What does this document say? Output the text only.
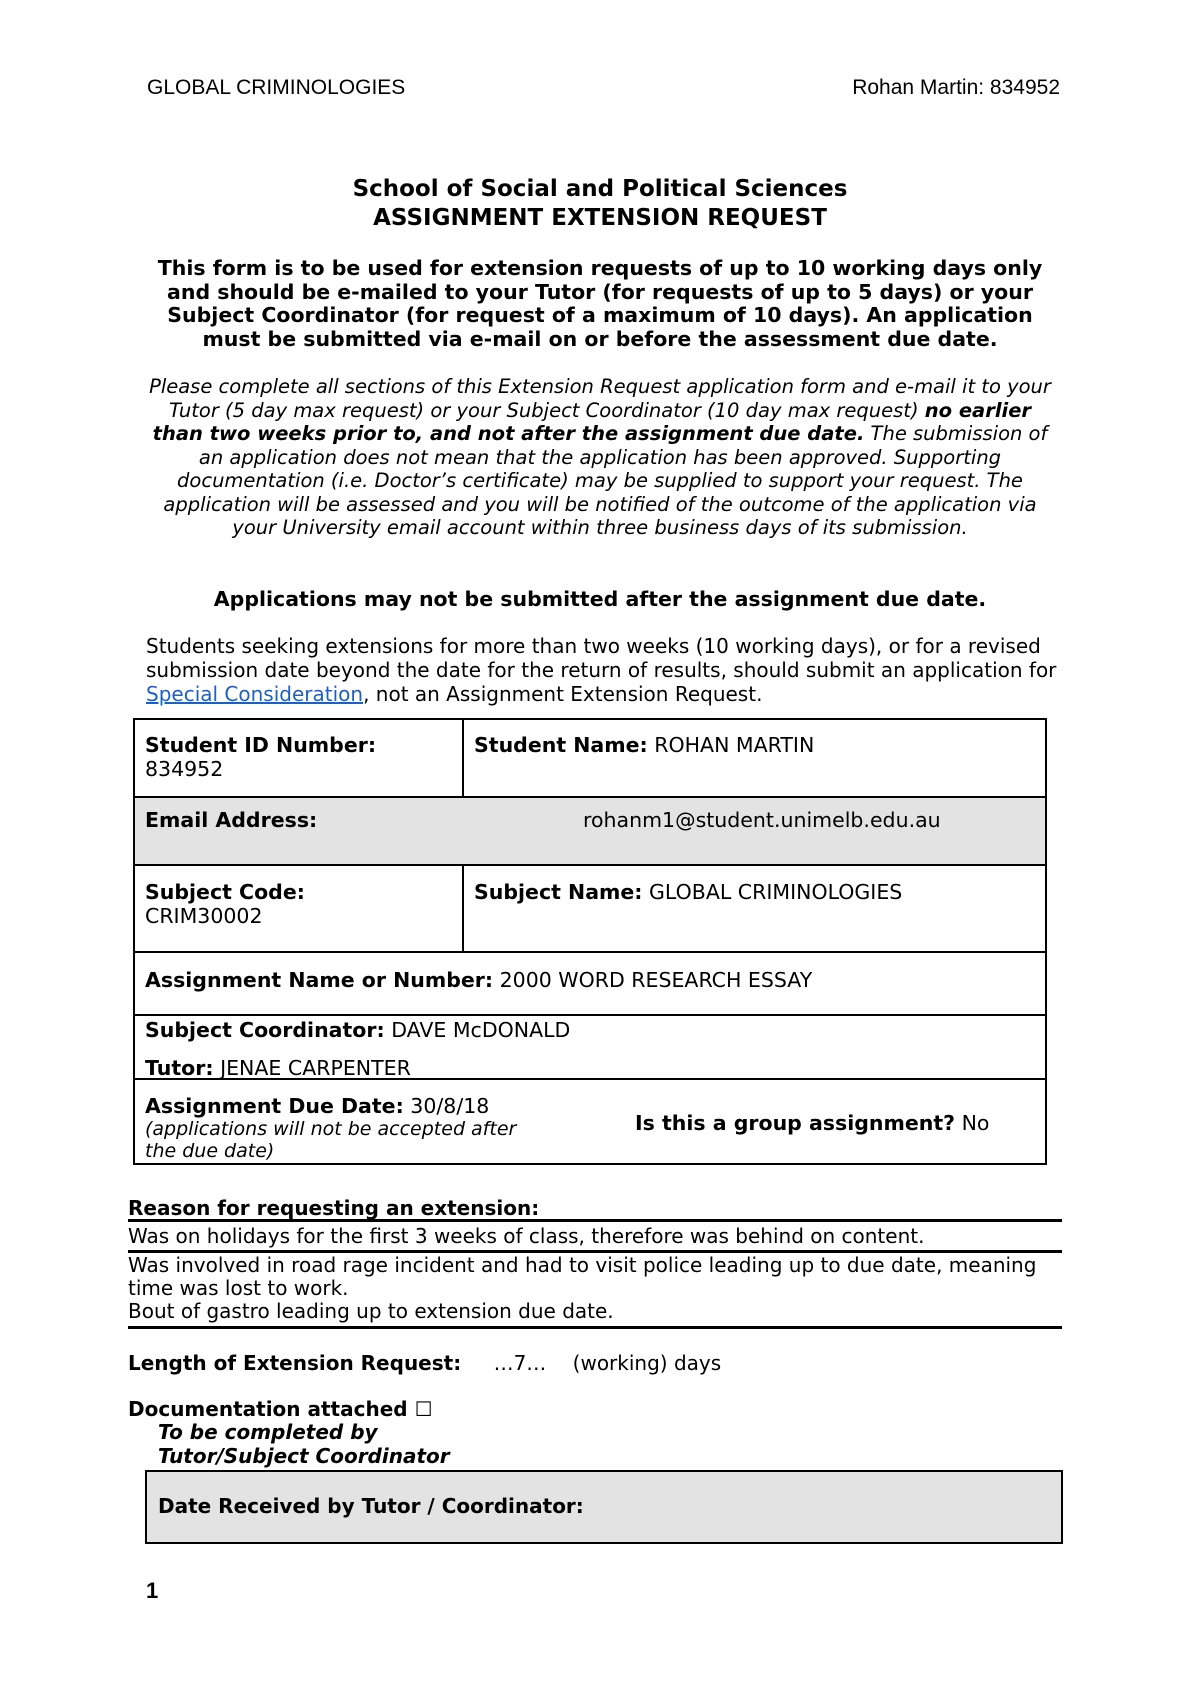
GLOBAL CRIMINOLOGIES	Rohan Martin: 834952
School of Social and Political Sciences
ASSIGNMENT EXTENSION REQUEST
This form is to be used for extension requests of up to 10 working days only and should be e-mailed to your Tutor (for requests of up to 5 days) or your Subject Coordinator (for request of a maximum of 10 days). An application must be submitted via e-mail on or before the assessment due date.
Please complete all sections of this Extension Request application form and e-mail it to your Tutor (5 day max request) or your Subject Coordinator (10 day max request) no earlier than two weeks prior to, and not after the assignment due date. The submission of an application does not mean that the application has been approved. Supporting documentation (i.e. Doctor’s certificate) may be supplied to support your request. The application will be assessed and you will be notified of the outcome of the application via your University email account within three business days of its submission.
Applications may not be submitted after the assignment due date.
Students seeking extensions for more than two weeks (10 working days), or for a revised submission date beyond the date for the return of results, should submit an application for Special Consideration, not an Assignment Extension Request.
Student ID Number:
834952
Student Name: ROHAN MARTIN
Email Address:	rohanm1@student.unimelb.edu.au
Subject Code:
CRIM30002
Subject Name: GLOBAL CRIMINOLOGIES
Assignment Name or Number: 2000 WORD RESEARCH ESSAY
Subject Coordinator: DAVE McDONALD
Tutor: JENAE CARPENTER
Assignment Due Date: 30/8/18
(applications will not be accepted after the due date)
Is this a group assignment? No
Reason for requesting an extension:
Was on holidays for the first 3 weeks of class, therefore was behind on content.
Was involved in road rage incident and had to visit police leading up to due date, meaning time was lost to work.
Bout of gastro leading up to extension due date.
Length of Extension Request: …7… (working) days
Documentation attached ☐
To be completed by
Tutor/Subject Coordinator
Date Received by Tutor / Coordinator:
1
